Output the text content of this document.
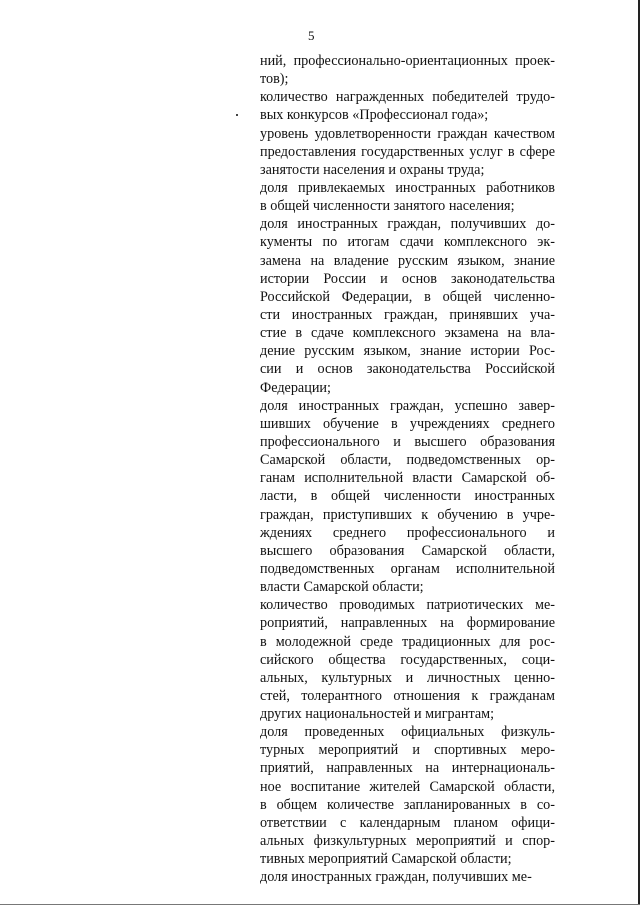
5
ний, профессионально-ориентационных проек-
тов);
количество награжденных победителей трудо-
вых конкурсов «Профессионал года»;
уровень удовлетворенности граждан качеством
предоставления государственных услуг в сфере
занятости населения и охраны труда;
доля привлекаемых иностранных работников
в общей численности занятого населения;
доля иностранных граждан, получивших до-
кументы по итогам сдачи комплексного эк-
замена на владение русским языком, знание
истории России и основ законодательства
Российской Федерации, в общей численно-
сти иностранных граждан, принявших уча-
стие в сдаче комплексного экзамена на вла-
дение русским языком, знание истории Рос-
сии и основ законодательства Российской
Федерации;
доля иностранных граждан, успешно завер-
шивших обучение в учреждениях среднего
профессионального и высшего образования
Самарской области, подведомственных ор-
ганам исполнительной власти Самарской об-
ласти, в общей численности иностранных
граждан, приступивших к обучению в учре-
ждениях среднего профессионального и
высшего образования Самарской области,
подведомственных органам исполнительной
власти Самарской области;
количество проводимых патриотических ме-
роприятий, направленных на формирование
в молодежной среде традиционных для рос-
сийского общества государственных, соци-
альных, культурных и личностных ценно-
стей, толерантного отношения к гражданам
других национальностей и мигрантам;
доля проведенных официальных физкуль-
турных мероприятий и спортивных меро-
приятий, направленных на интернациональ-
ное воспитание жителей Самарской области,
в общем количестве запланированных в со-
ответствии с календарным планом офици-
альных физкультурных мероприятий и спор-
тивных мероприятий Самарской области;
доля иностранных граждан, получивших ме-
